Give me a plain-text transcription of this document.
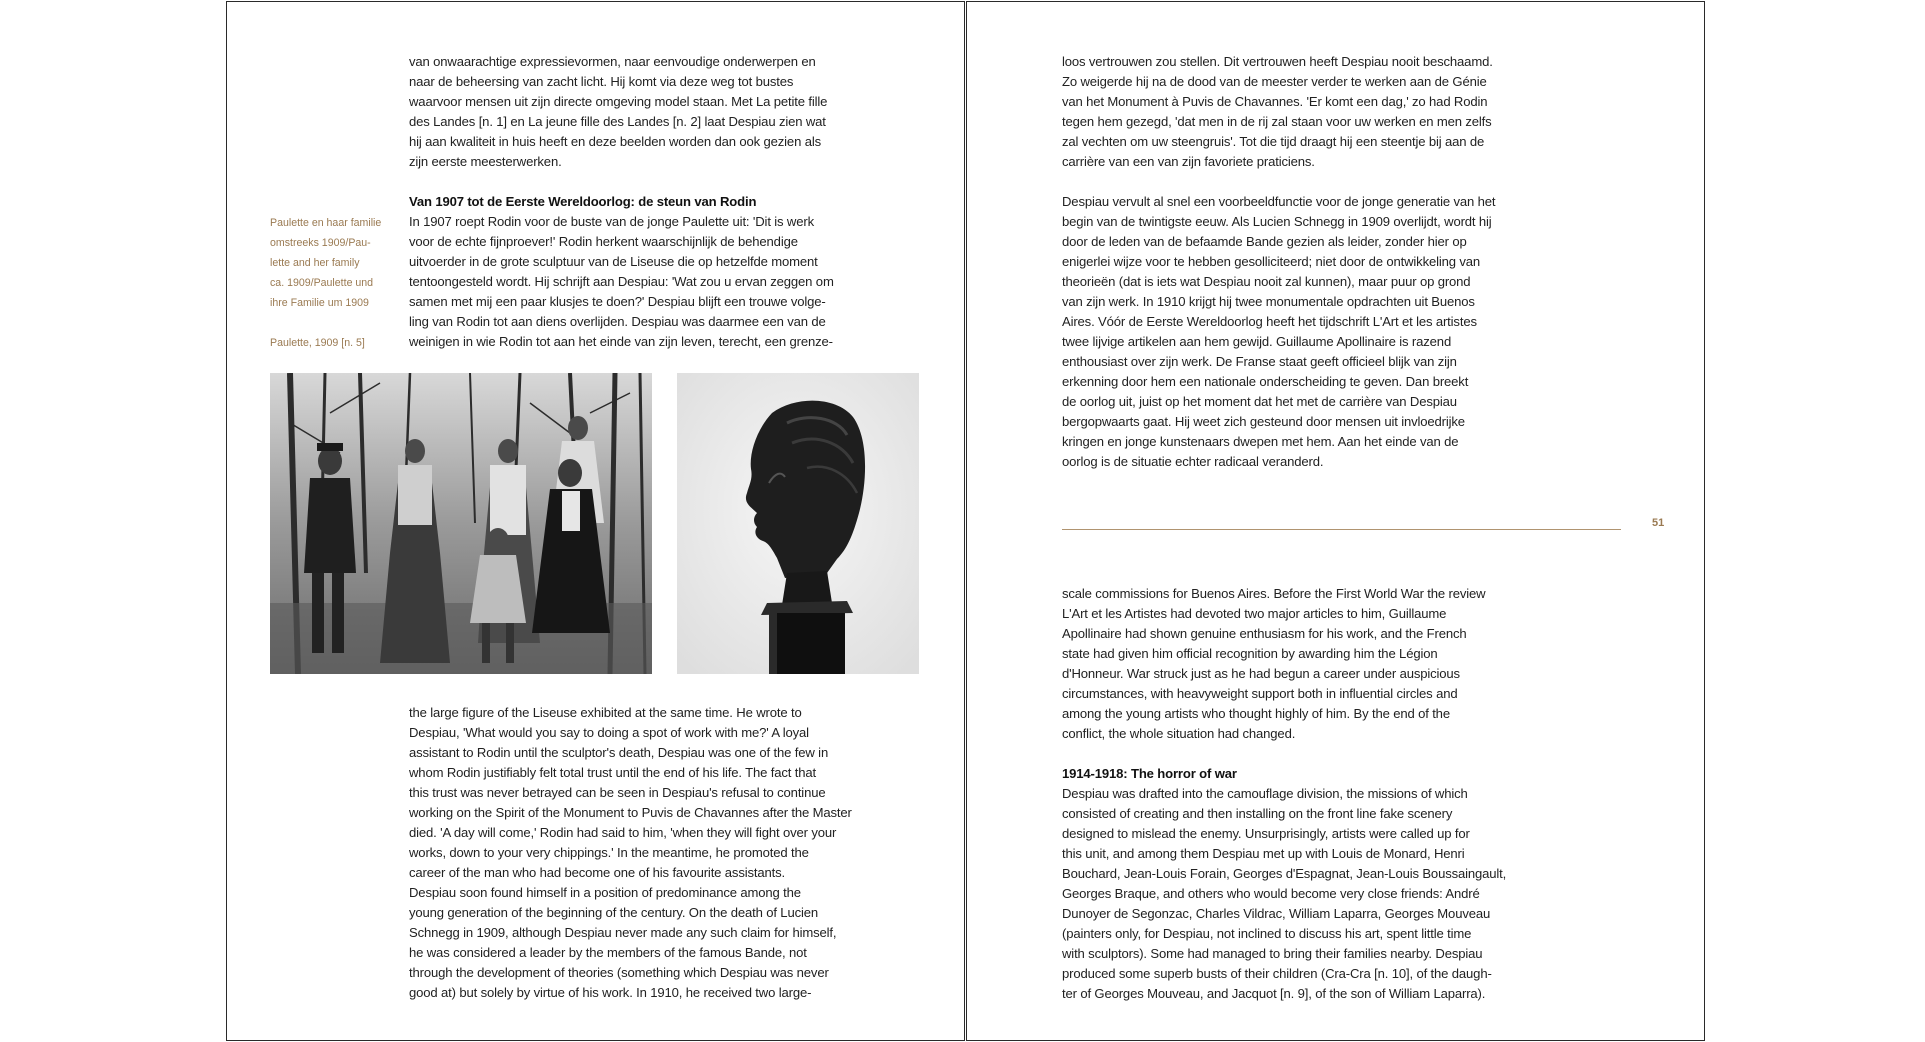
van onwaarachtige expressievormen, naar eenvoudige onderwerpen en
naar de beheersing van zacht licht. Hij komt via deze weg tot bustes
waarvoor mensen uit zijn directe omgeving model staan. Met La petite fille
des Landes [n. 1] en La jeune fille des Landes [n. 2] laat Despiau zien wat
hij aan kwaliteit in huis heeft en deze beelden worden dan ook gezien als
zijn eerste meesterwerken.
Van 1907 tot de Eerste Wereldoorlog: de steun van Rodin
In 1907 roept Rodin voor de buste van de jonge Paulette uit: 'Dit is werk
voor de echte fijnproever!' Rodin herkent waarschijnlijk de behendige
uitvoerder in de grote sculptuur van de Liseuse die op hetzelfde moment
tentoongesteld wordt. Hij schrijft aan Despiau: 'Wat zou u ervan zeggen om
samen met mij een paar klusjes te doen?' Despiau blijft een trouwe volge-
ling van Rodin tot aan diens overlijden. Despiau was daarmee een van de
weinigen in wie Rodin tot aan het einde van zijn leven, terecht, een grenze-
Paulette en haar familie
omstreeks 1909/Pau-
lette and her family
ca. 1909/Paulette und
ihre Familie um 1909
Paulette, 1909 [n. 5]
the large figure of the Liseuse exhibited at the same time. He wrote to
Despiau, 'What would you say to doing a spot of work with me?' A loyal
assistant to Rodin until the sculptor's death, Despiau was one of the few in
whom Rodin justifiably felt total trust until the end of his life. The fact that
this trust was never betrayed can be seen in Despiau's refusal to continue
working on the Spirit of the Monument to Puvis de Chavannes after the Master
died. 'A day will come,' Rodin had said to him, 'when they will fight over your
works, down to your very chippings.' In the meantime, he promoted the
career of the man who had become one of his favourite assistants.
Despiau soon found himself in a position of predominance among the
young generation of the beginning of the century. On the death of Lucien
Schnegg in 1909, although Despiau never made any such claim for himself,
he was considered a leader by the members of the famous Bande, not
through the development of theories (something which Despiau was never
good at) but solely by virtue of his work. In 1910, he received two large-
loos vertrouwen zou stellen. Dit vertrouwen heeft Despiau nooit beschaamd.
Zo weigerde hij na de dood van de meester verder te werken aan de Génie
van het Monument à Puvis de Chavannes. 'Er komt een dag,' zo had Rodin
tegen hem gezegd, 'dat men in de rij zal staan voor uw werken en men zelfs
zal vechten om uw steengruis'. Tot die tijd draagt hij een steentje bij aan de
carrière van een van zijn favoriete praticiens.
Despiau vervult al snel een voorbeeldfunctie voor de jonge generatie van het
begin van de twintigste eeuw. Als Lucien Schnegg in 1909 overlijdt, wordt hij
door de leden van de befaamde Bande gezien als leider, zonder hier op
enigerlei wijze voor te hebben gesolliciteerd; niet door de ontwikkeling van
theorieën (dat is iets wat Despiau nooit zal kunnen), maar puur op grond
van zijn werk. In 1910 krijgt hij twee monumentale opdrachten uit Buenos
Aires. Vóór de Eerste Wereldoorlog heeft het tijdschrift L'Art et les artistes
twee lijvige artikelen aan hem gewijd. Guillaume Apollinaire is razend
enthousiast over zijn werk. De Franse staat geeft officieel blijk van zijn
erkenning door hem een nationale onderscheiding te geven. Dan breekt
de oorlog uit, juist op het moment dat het met de carrière van Despiau
bergopwaarts gaat. Hij weet zich gesteund door mensen uit invloedrijke
kringen en jonge kunstenaars dwepen met hem. Aan het einde van de
oorlog is de situatie echter radicaal veranderd.
51
scale commissions for Buenos Aires. Before the First World War the review
L'Art et les Artistes had devoted two major articles to him, Guillaume
Apollinaire had shown genuine enthusiasm for his work, and the French
state had given him official recognition by awarding him the Légion
d'Honneur. War struck just as he had begun a career under auspicious
circumstances, with heavyweight support both in influential circles and
among the young artists who thought highly of him. By the end of the
conflict, the whole situation had changed.
1914-1918: The horror of war
Despiau was drafted into the camouflage division, the missions of which
consisted of creating and then installing on the front line fake scenery
designed to mislead the enemy. Unsurprisingly, artists were called up for
this unit, and among them Despiau met up with Louis de Monard, Henri
Bouchard, Jean-Louis Forain, Georges d'Espagnat, Jean-Louis Boussaingault,
Georges Braque, and others who would become very close friends: André
Dunoyer de Segonzac, Charles Vildrac, William Laparra, Georges Mouveau
(painters only, for Despiau, not inclined to discuss his art, spent little time
with sculptors). Some had managed to bring their families nearby. Despiau
produced some superb busts of their children (Cra-Cra [n. 10], of the daugh-
ter of Georges Mouveau, and Jacquot [n. 9], of the son of William Laparra).
